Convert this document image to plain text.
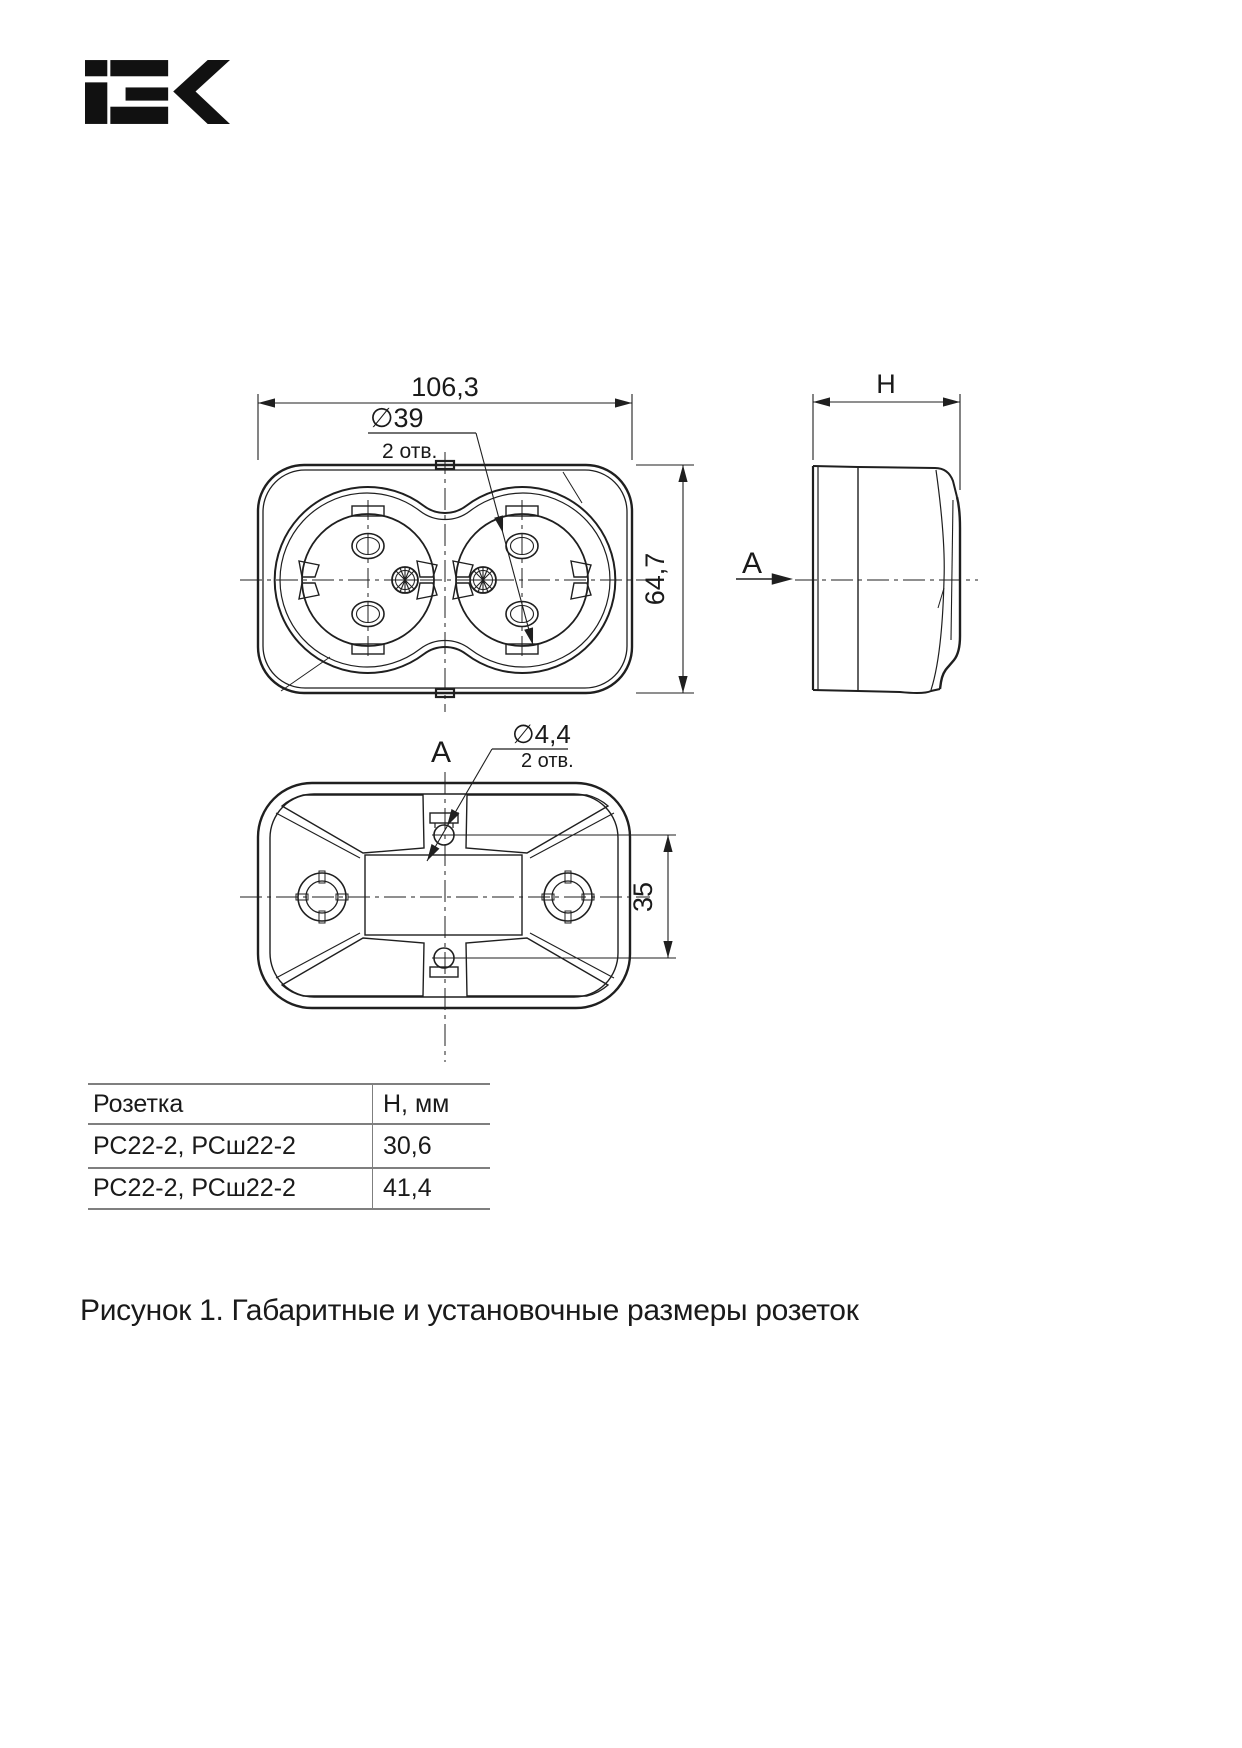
106,3
∅39
2 отв.
64,7
H
A
A
∅4,4
2 отв.
35
Розетка	Н, мм
РС22-2, РСш22-2	30,6
РС22-2, РСш22-2	41,4
Рисунок 1. Габаритные и установочные размеры розеток
